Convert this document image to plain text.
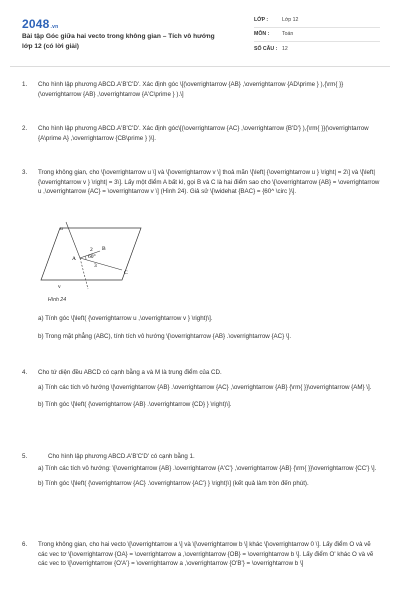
2048.vn
Bài tập Góc giữa hai vecto trong không gian – Tích vô hướng lớp 12 (có lời giải)
LỚP :	Lớp 12
MÔN :	Toán
SỐ CÂU : 12
1.	Cho hình lập phương ABCD.A'B'C'D'. Xác định góc \[(\overrightarrow {AB} ,\overrightarrow {AD\prime } ),{\rm{ }}(\overrightarrow {AB} ,\overrightarrow {A'C\prime } ).\]
2.	Cho hình lập phương ABCD.A'B'C'D'. Xác định góc\[(\overrightarrow {AC} ,\overrightarrow {B'D'} ),{\rm{ }}(\overrightarrow {A\prime A} ,\overrightarrow {CB\prime } )\].
3.	Trong không gian, cho \[\overrightarrow u \] và \[\overrightarrow v \] thoả mãn \[\left| {\overrightarrow u } \right| = 2\] và \[\left| {\overrightarrow v } \right| = 3\]. Lấy một điểm A bất kì, gọi B và C là hai điểm sao cho \[\overrightarrow {AB} = \overrightarrow u ,\overrightarrow {AC} = \overrightarrow v \] (Hình 24). Giả sử \[\widehat {BAC} = {60^ \circ }\].
u
v
A
B
C
2
3
60°
Hình 24
a) Tính góc \[\left( {\overrightarrow u ,\overrightarrow v } \right)\].
b) Trong mặt phẳng (ABC), tính tích vô hướng \[\overrightarrow {AB} .\overrightarrow {AC} \].
4.	Cho tứ diện đều ABCD có cạnh bằng a và M là trung điểm của CD.
a) Tính các tích vô hướng \[\overrightarrow {AB} .\overrightarrow {AC} ,\overrightarrow {AB} {\rm{ }}\overrightarrow {AM} \].
b) Tính góc \[\left( {\overrightarrow {AB} .\overrightarrow {CD} } \right)\].
5.	Cho hình lập phương ABCD.A'B'C'D' có cạnh bằng 1.
a) Tính các tích vô hướng: \[\overrightarrow {AB} .\overrightarrow {A'C'} ,\overrightarrow {AB} {\rm{ }}\overrightarrow {CC'} \].
b) Tính góc \[\left( {\overrightarrow {AC} .\overrightarrow {AC'} } \right)\] (kết quả làm tròn đến phút).
6.	Trong không gian, cho hai vecto \[\overrightarrow a \] và \[\overrightarrow b \] khác \[\overrightarrow 0 \]. Lấy điểm O và vẽ các vec tơ \[\overrightarrow {OA} = \overrightarrow a ,\overrightarrow {OB} = \overrightarrow b \]. Lấy điểm O' khác O và vẽ các vec to \[\overrightarrow {O'A'} = \overrightarrow a ,\overrightarrow {O'B'} = \overrightarrow b \]
